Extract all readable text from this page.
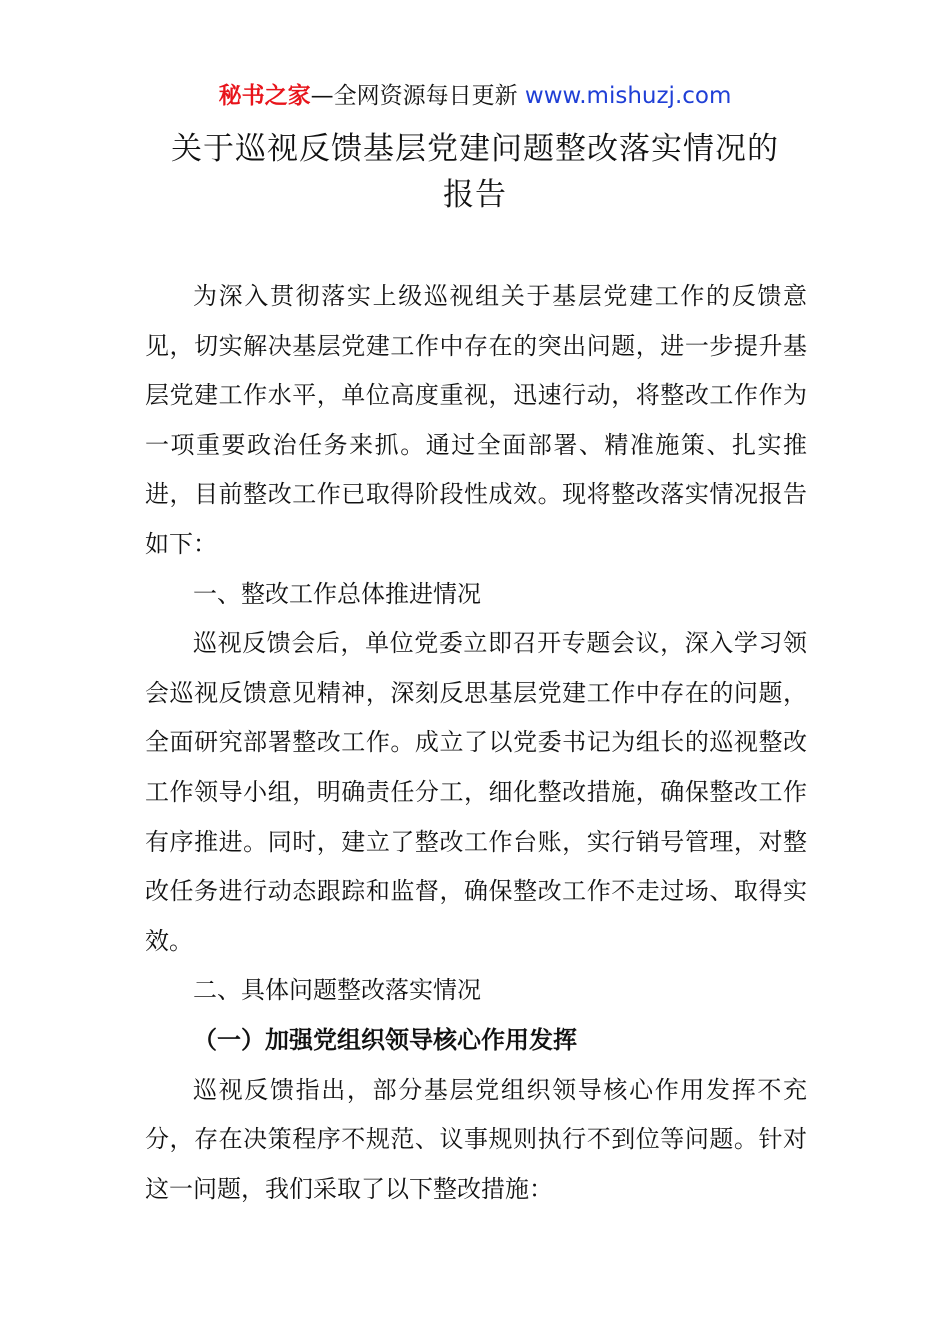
秘书之家—全网资源每日更新 www.mishuzj.com
关于巡视反馈基层党建问题整改落实情况的
报告

为深入贯彻落实上级巡视组关于基层党建工作的反馈意见，切实解决基层党建工作中存在的突出问题，进一步提升基层党建工作水平，单位高度重视，迅速行动，将整改工作作为一项重要政治任务来抓。通过全面部署、精准施策、扎实推进，目前整改工作已取得阶段性成效。现将整改落实情况报告如下：

一、整改工作总体推进情况

巡视反馈会后，单位党委立即召开专题会议，深入学习领会巡视反馈意见精神，深刻反思基层党建工作中存在的问题，全面研究部署整改工作。成立了以党委书记为组长的巡视整改工作领导小组，明确责任分工，细化整改措施，确保整改工作有序推进。同时，建立了整改工作台账，实行销号管理，对整改任务进行动态跟踪和监督，确保整改工作不走过场、取得实效。

二、具体问题整改落实情况

（一）加强党组织领导核心作用发挥

巡视反馈指出，部分基层党组织领导核心作用发挥不充分，存在决策程序不规范、议事规则执行不到位等问题。针对这一问题，我们采取了以下整改措施：
